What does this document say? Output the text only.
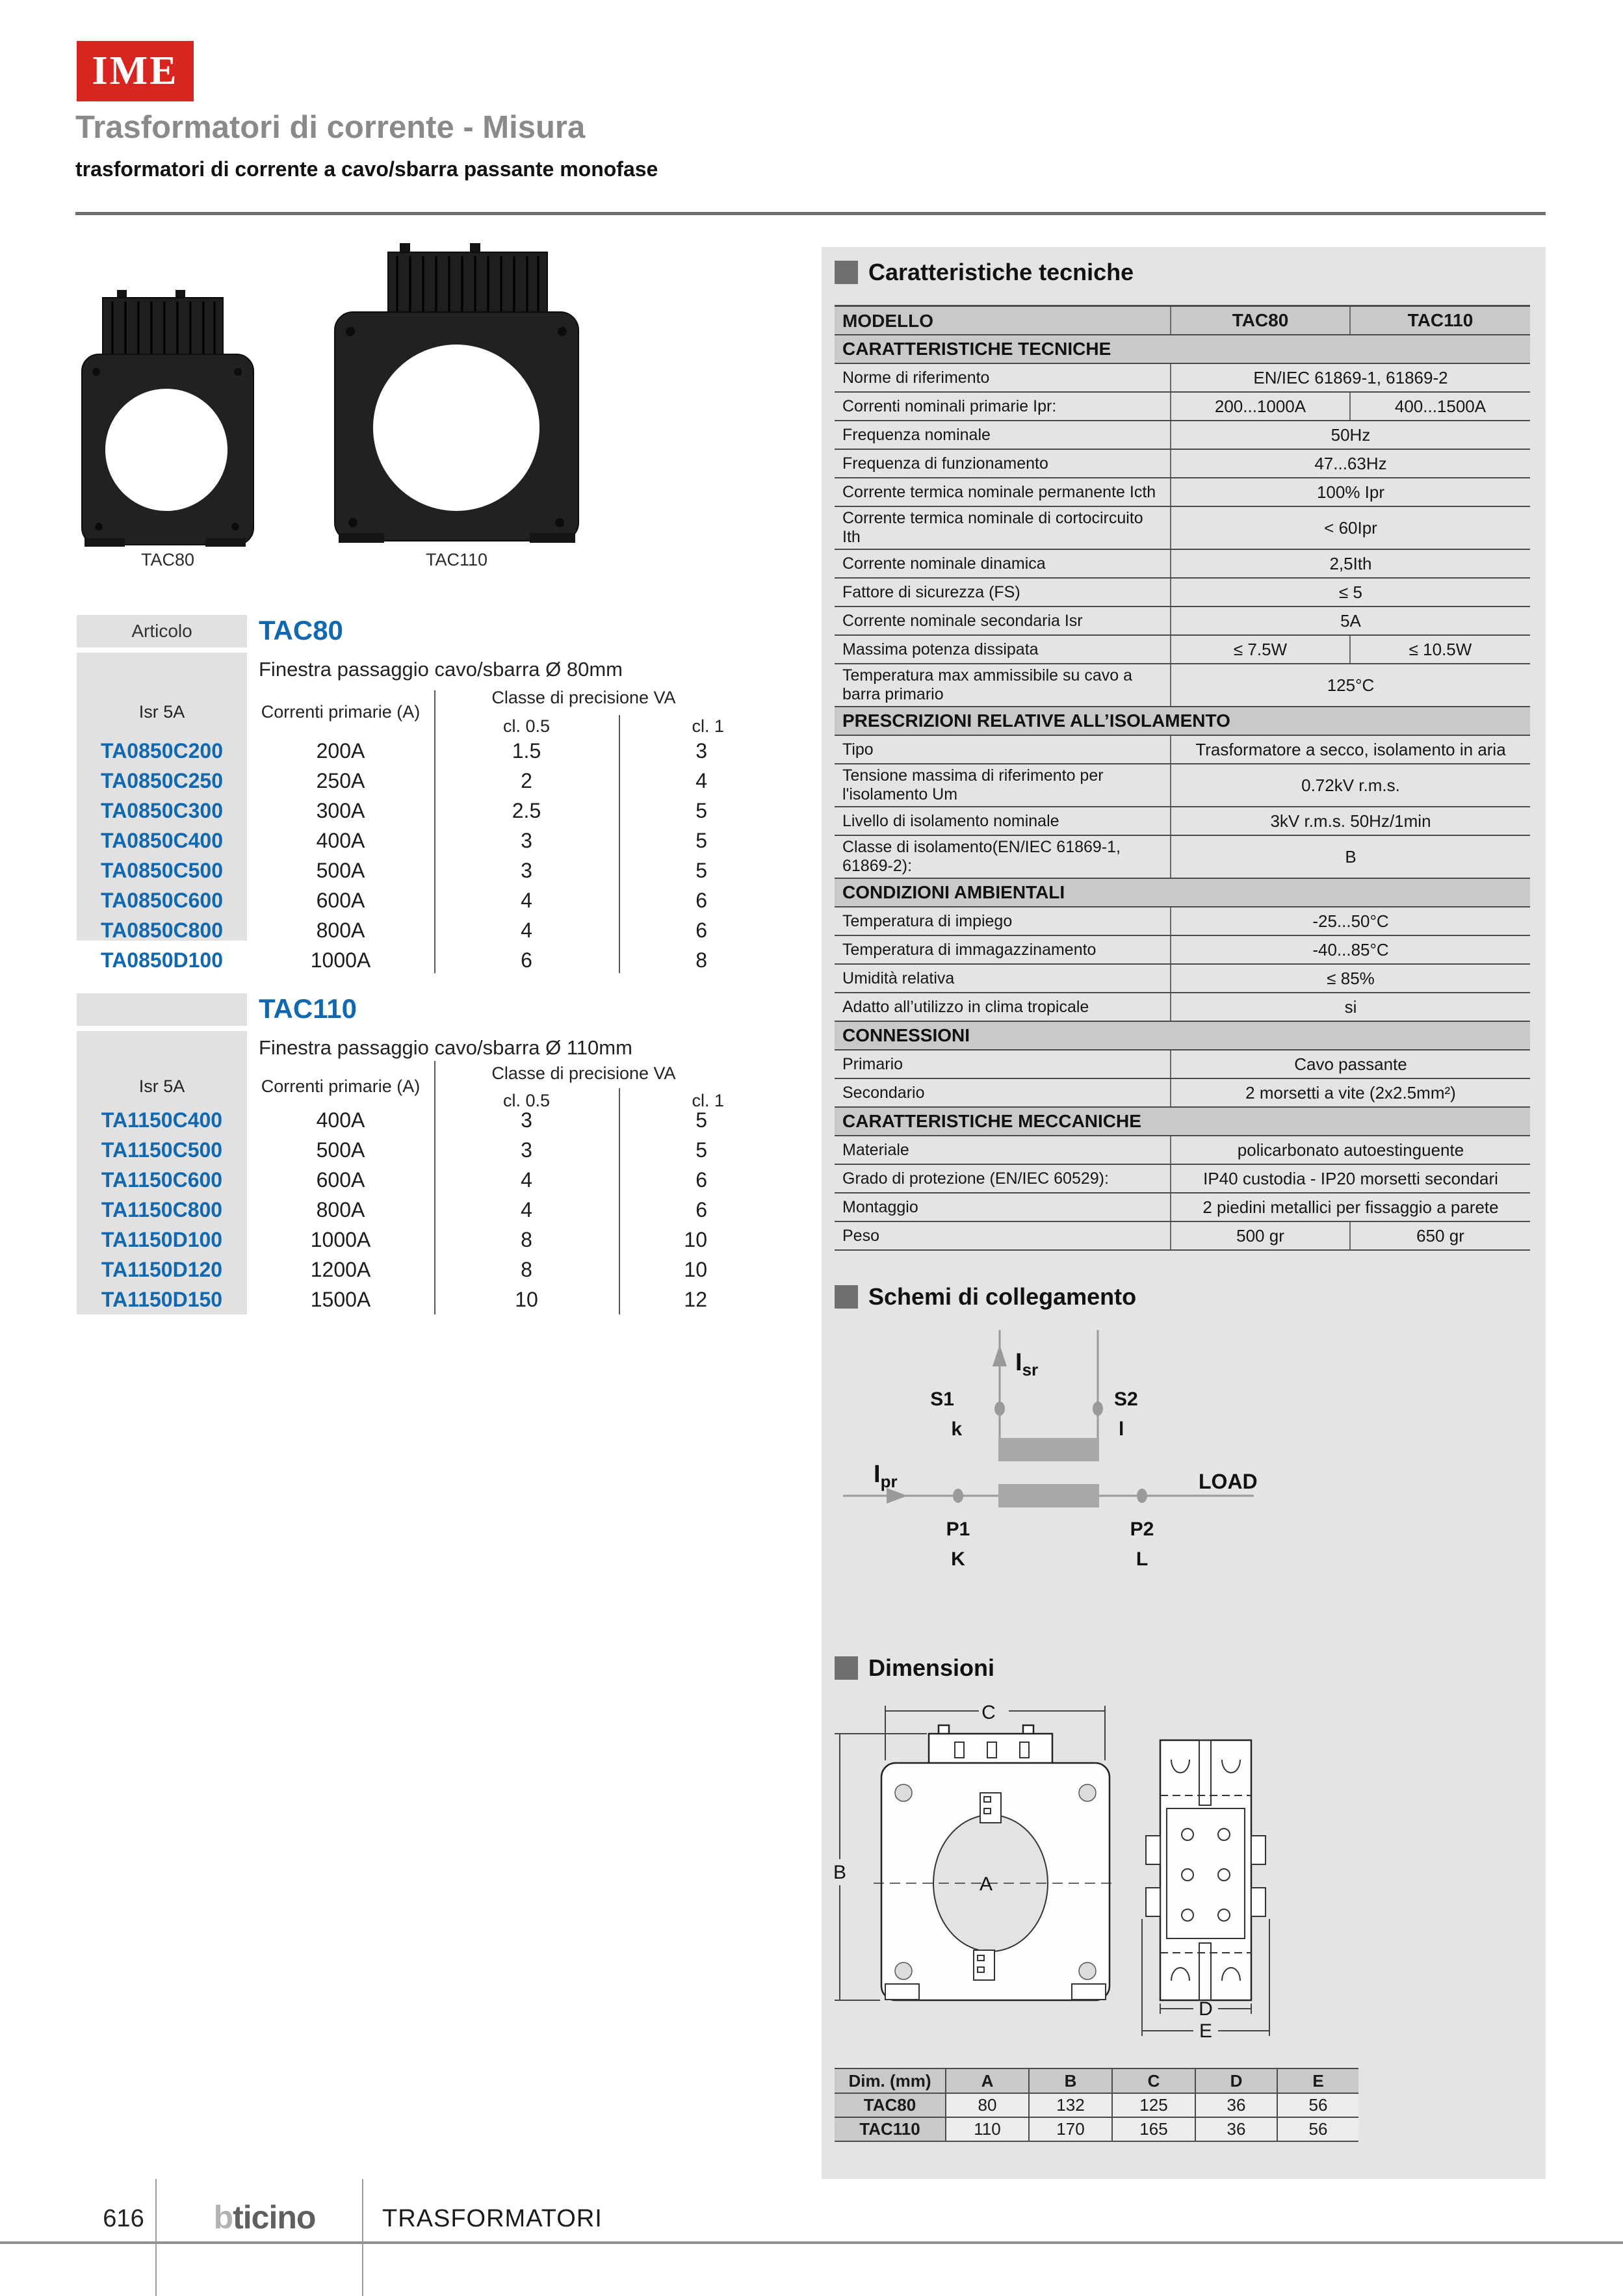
IME
Trasformatori di corrente - Misura
trasformatori di corrente a cavo/sbarra passante monofase
TAC80	TAC110
Articolo	TAC80
Finestra passaggio cavo/sbarra Ø 80mm
Classe di precisione VA
Isr 5A	Correnti primarie (A)
cl. 0.5	cl. 1
TA0850C200	200A	1.5	3
TA0850C250	250A	2	4
TA0850C300	300A	2.5	5
TA0850C400	400A	3	5
TA0850C500	500A	3	5
TA0850C600	600A	4	6
TA0850C800	800A	4	6
TA0850D100	1000A	6	8
TAC110
Finestra passaggio cavo/sbarra Ø 110mm
Classe di precisione VA
Isr 5A	Correnti primarie (A)
cl. 0.5	cl. 1
TA1150C400	400A	3	5
TA1150C500	500A	3	5
TA1150C600	600A	4	6
TA1150C800	800A	4	6
TA1150D100	1000A	8	10
TA1150D120	1200A	8	10
TA1150D150	1500A	10	12
Caratteristiche tecniche
MODELLO	TAC80	TAC110
CARATTERISTICHE TECNICHE
Norme di riferimento	EN/IEC 61869-1, 61869-2
Correnti nominali primarie Ipr:	200...1000A	400...1500A
Frequenza nominale	50Hz
Frequenza di funzionamento	47...63Hz
Corrente termica nominale permanente Icth	100% Ipr
Corrente termica nominale di cortocircuito Ith	< 60Ipr
Corrente nominale dinamica	2,5Ith
Fattore di sicurezza (FS)	≤ 5
Corrente nominale secondaria Isr	5A
Massima potenza dissipata	≤ 7.5W	≤ 10.5W
Temperatura max ammissibile su cavo a barra primario	125°C
PRESCRIZIONI RELATIVE ALL’ISOLAMENTO
Tipo	Trasformatore a secco, isolamento in aria
Tensione massima di riferimento per l'isolamento Um	0.72kV r.m.s.
Livello di isolamento nominale	3kV r.m.s. 50Hz/1min
Classe di isolamento(EN/IEC 61869-1, 61869-2):	B
CONDIZIONI AMBIENTALI
Temperatura di impiego	-25...50°C
Temperatura di immagazzinamento	-40...85°C
Umidità relativa	≤ 85%
Adatto all’utilizzo in clima tropicale	si
CONNESSIONI
Primario	Cavo passante
Secondario	2 morsetti a vite (2x2.5mm²)
CARATTERISTICHE MECCANICHE
Materiale	policarbonato autoestinguente
Grado di protezione (EN/IEC 60529):	IP40 custodia - IP20 morsetti secondari
Montaggio	2 piedini metallici per fissaggio a parete
Peso	500 gr	650 gr
Schemi di collegamento
$I_{sr}$
$I_{pr}$
S1
k
S2
l
P1
K
P2
L
LOAD
Dimensioni
C
B
A
D
E
Dim. (mm)	A	B	C	D	E
TAC80	80	132	125	36	56
TAC110	110	170	165	36	56
616	bticino	TRASFORMATORI
